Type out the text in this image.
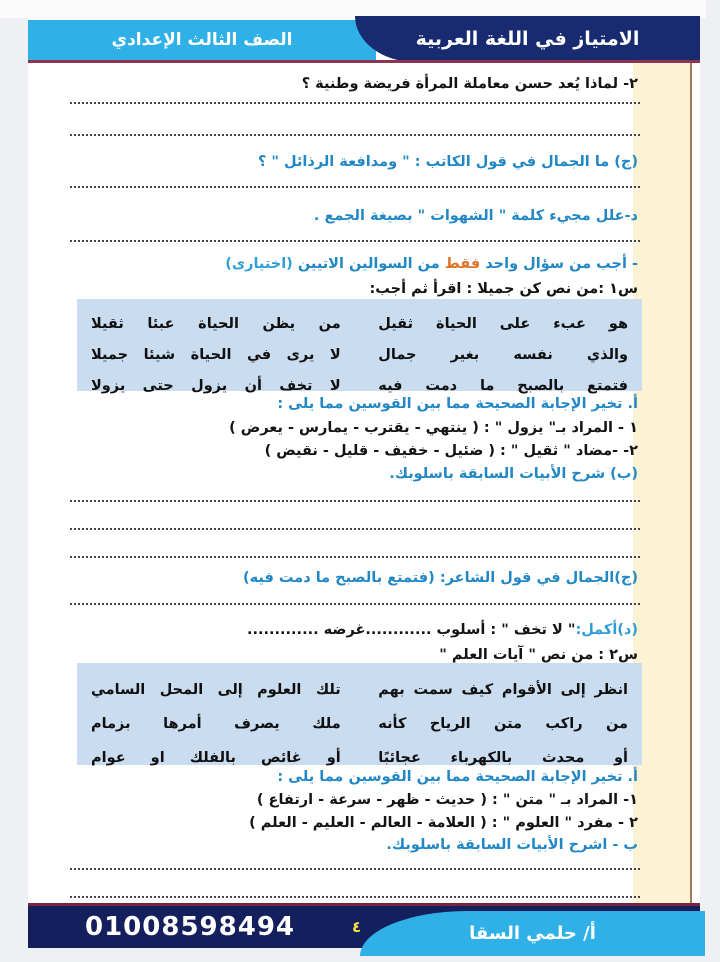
الصف الثالث الإعدادي	الامتياز في اللغة العربية
٢- لماذا يُعد حسن معاملة المرأة فريضة وطنية ؟
(ج) ما الجمال في قول الكاتب : " ومدافعة الرذائل " ؟
د-علل مجيء كلمة " الشهوات " بصيغة الجمع .
- أجب من سؤال واحد فقط من السوالين الاتيين (اختيارى)
س١ :من نص كن جميلا : اقرأ ثم أجب:
هو عبء على الحياة ثقيل
والذي نفسه بغير جمال
فتمتع بالصبح ما دمت فيه
من يظن الحياة عبئا ثقيلا
لا يرى في الحياة شيئا جميلا
لا تخف أن يزول حتى يزولا
أ. تخير الإجابة الصحيحة مما بين القوسين مما يلى :
١ - المراد بـ" يزول " : ( ينتهي - يقترب - يمارس - يعرض )
٢- -مضاد " ثقيل " : ( ضئيل - خفيف - قليل - نقيض )
(ب) شرح الأبيات السابقة باسلوبك.
(ج)الجمال في قول الشاعر: (فتمتع بالصبح ما دمت فيه)
(د)أكمل:" لا تخف " : أسلوب ............غرضه .............
س٢ : من نص " آيات العلم "
انظر إلى الأقوام كيف سمت بهم
من راكب متن الرياح كأنه
أو محدث بالكهرباء عجائبًا
تلك العلوم إلى المحل السامي
ملك يصرف أمرها بزمام
أو غائص بالفلك او عوام
أ. تخير الإجابة الصحيحة مما بين القوسين مما يلى :
١- المراد بـ " متن " : ( حديث - ظهر - سرعة - ارتفاع )
٢ - مفرد " العلوم " : ( العلامة - العالم - العليم - العلم )
ب - اشرح الأبيات السابقة باسلوبك.
أ/ حلمي السقا
01008598494	٤
